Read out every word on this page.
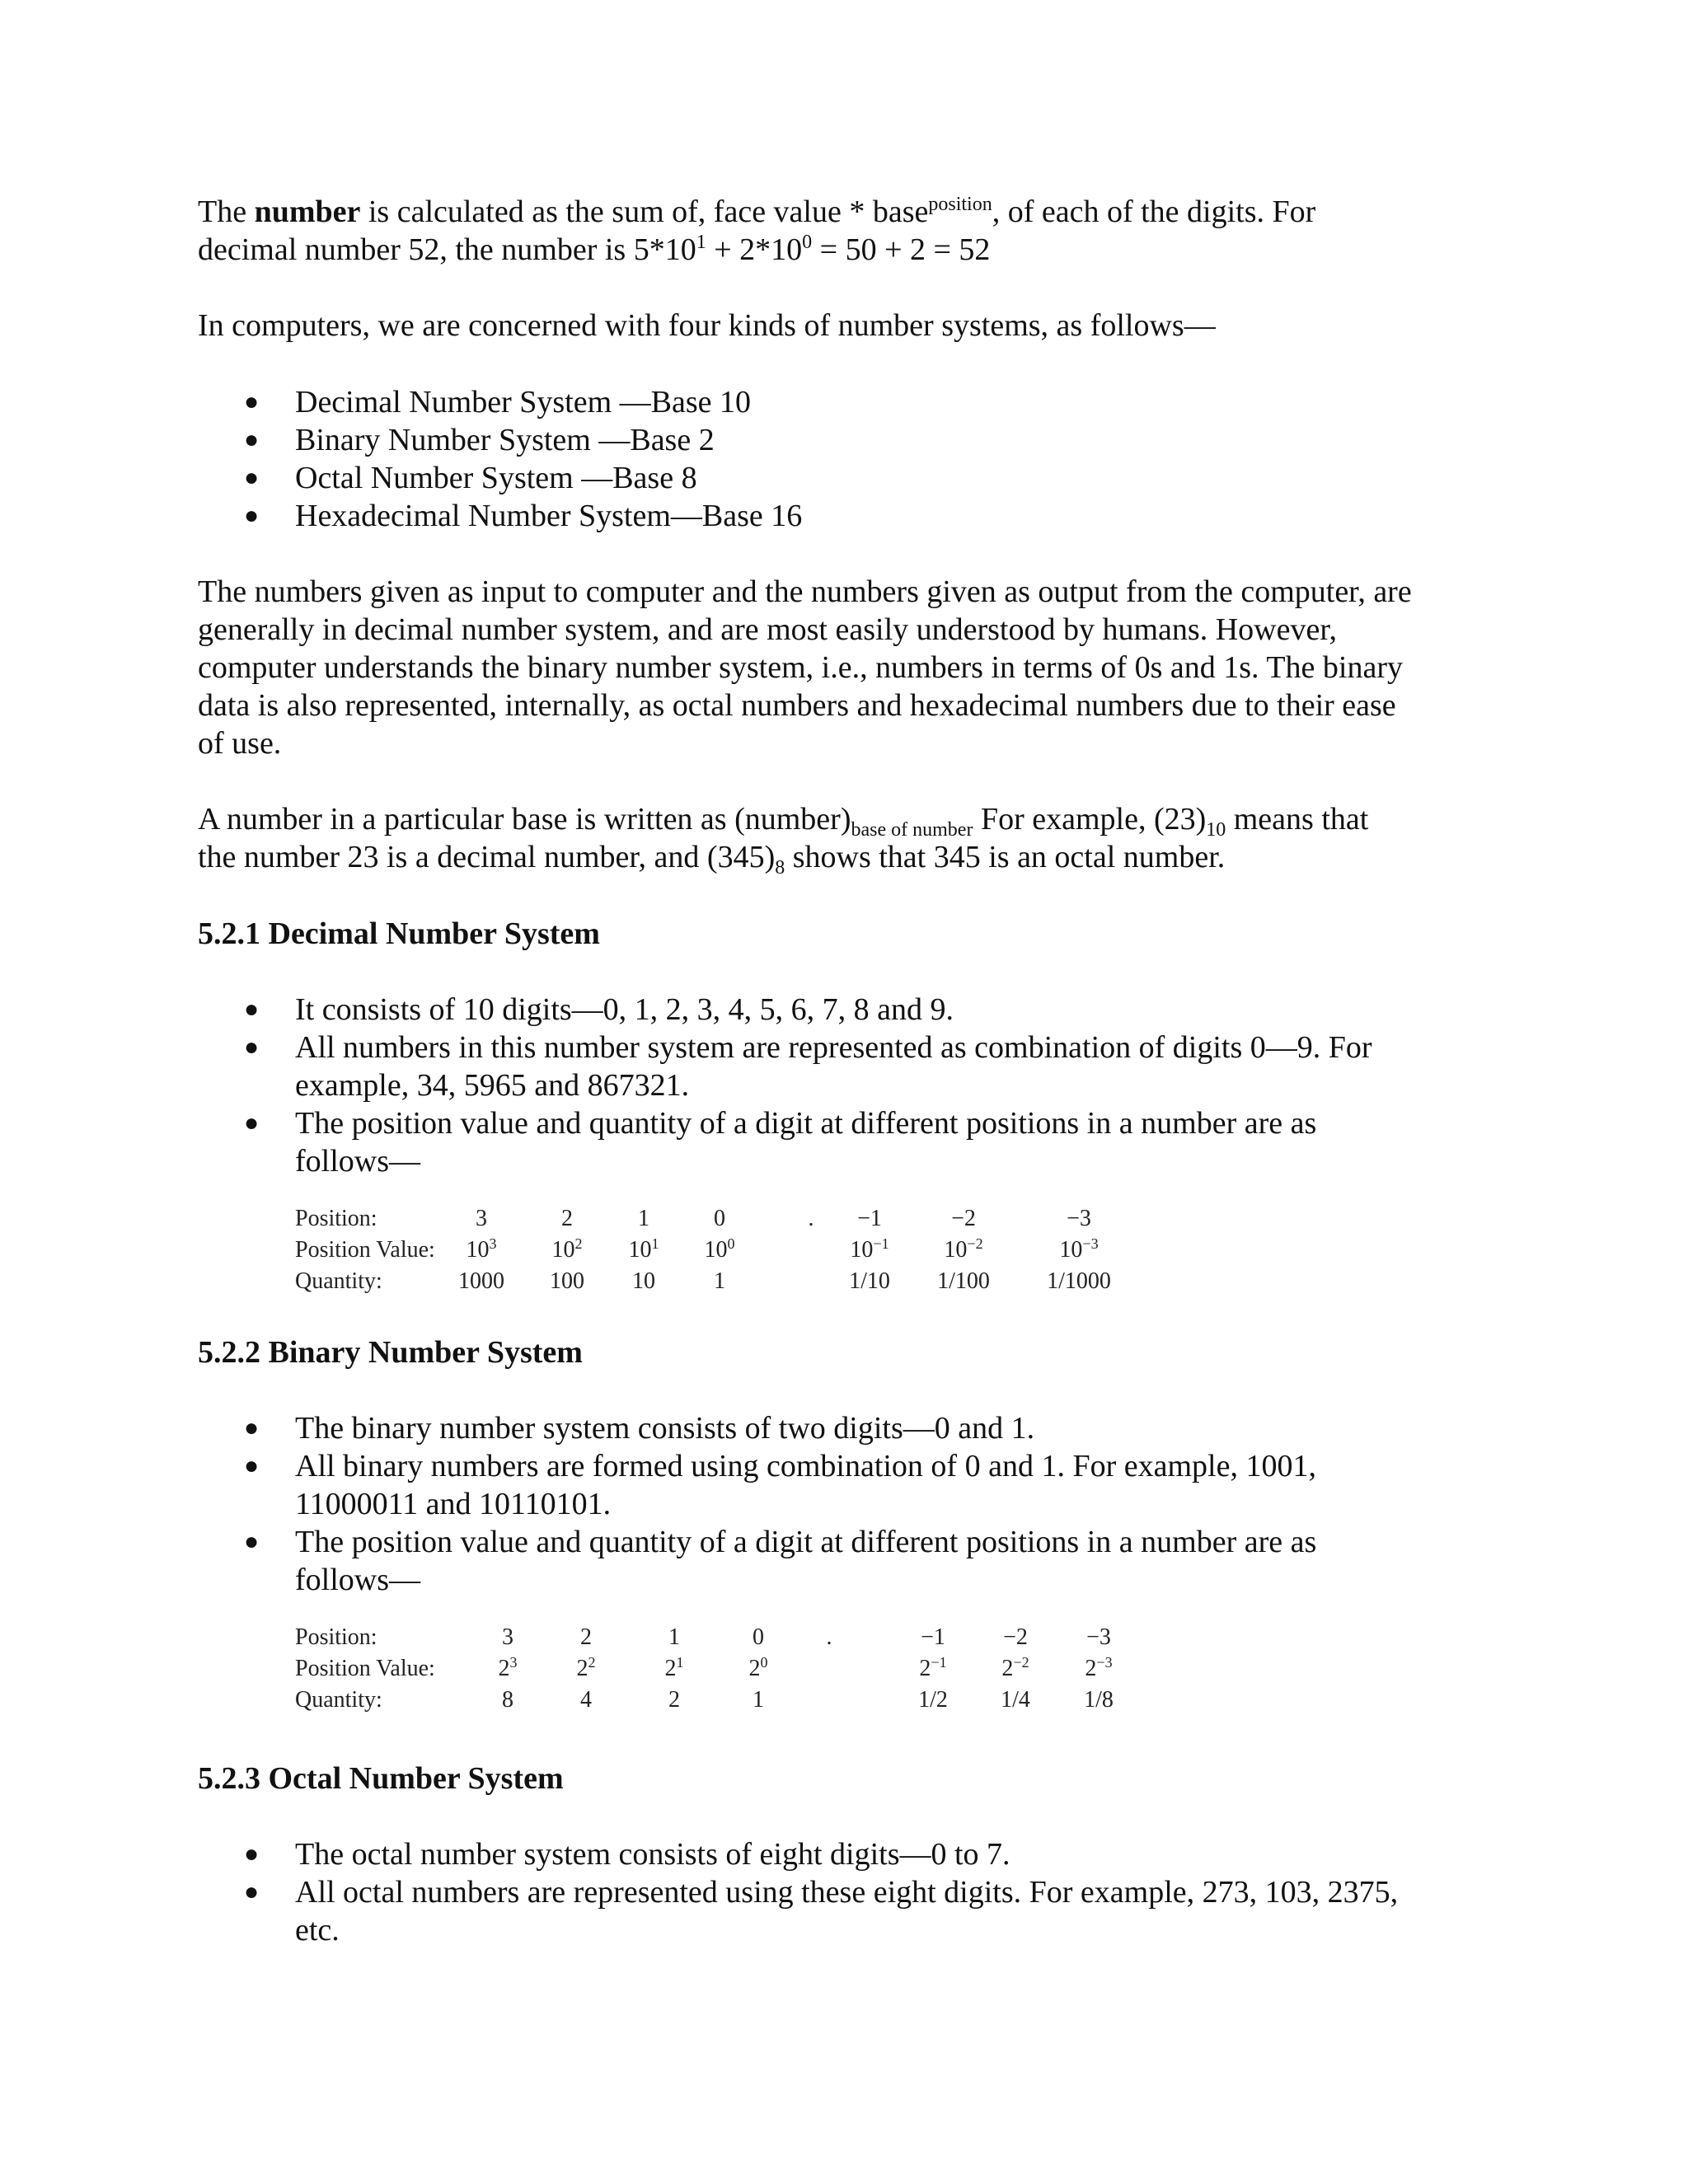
The number is calculated as the sum of, face value * base$^{position}$, of each of the digits. For
decimal number 52, the number is $5*10^1 + 2*10^0 = 50 + 2 = 52$
In computers, we are concerned with four kinds of number systems, as follows—
● Decimal Number System —Base 10
● Binary Number System —Base 2
● Octal Number System —Base 8
● Hexadecimal Number System—Base 16
The numbers given as input to computer and the numbers given as output from the computer, are
generally in decimal number system, and are most easily understood by humans. However,
computer understands the binary number system, i.e., numbers in terms of 0s and 1s. The binary
data is also represented, internally, as octal numbers and hexadecimal numbers due to their ease
of use.
A number in a particular base is written as $(number)_{base of number}$ For example, $(23)_{10}$ means that
the number 23 is a decimal number, and $(345)_8$ shows that 345 is an octal number.
5.2.1 Decimal Number System
● It consists of 10 digits—0, 1, 2, 3, 4, 5, 6, 7, 8 and 9.
● All numbers in this number system are represented as combination of digits 0—9. For
example, 34, 5965 and 867321.
● The position value and quantity of a digit at different positions in a number are as
follows—
Position:
Position Value:
Quantity:
3
$10^3$
1000
2
$10^2$
100
1
$10^1$
10
0
$10^0$
1
.	−1
$10^{-1}$
1/10
−2
$10^{-2}$
1/100
−3
$10^{-3}$
1/1000
5.2.2 Binary Number System
● The binary number system consists of two digits—0 and 1.
● All binary numbers are formed using combination of 0 and 1. For example, 1001,
11000011 and 10110101.
● The position value and quantity of a digit at different positions in a number are as
follows—
Position:
Position Value:
Quantity:
3
$2^3$
8
2
$2^2$
4
1
$2^1$
2
0
$2^0$
1
.	−1
$2^{-1}$
1/2
−2
$2^{-2}$
1/4
−3
$2^{-3}$
1/8
5.2.3 Octal Number System
● The octal number system consists of eight digits—0 to 7.
● All octal numbers are represented using these eight digits. For example, 273, 103, 2375,
etc.
